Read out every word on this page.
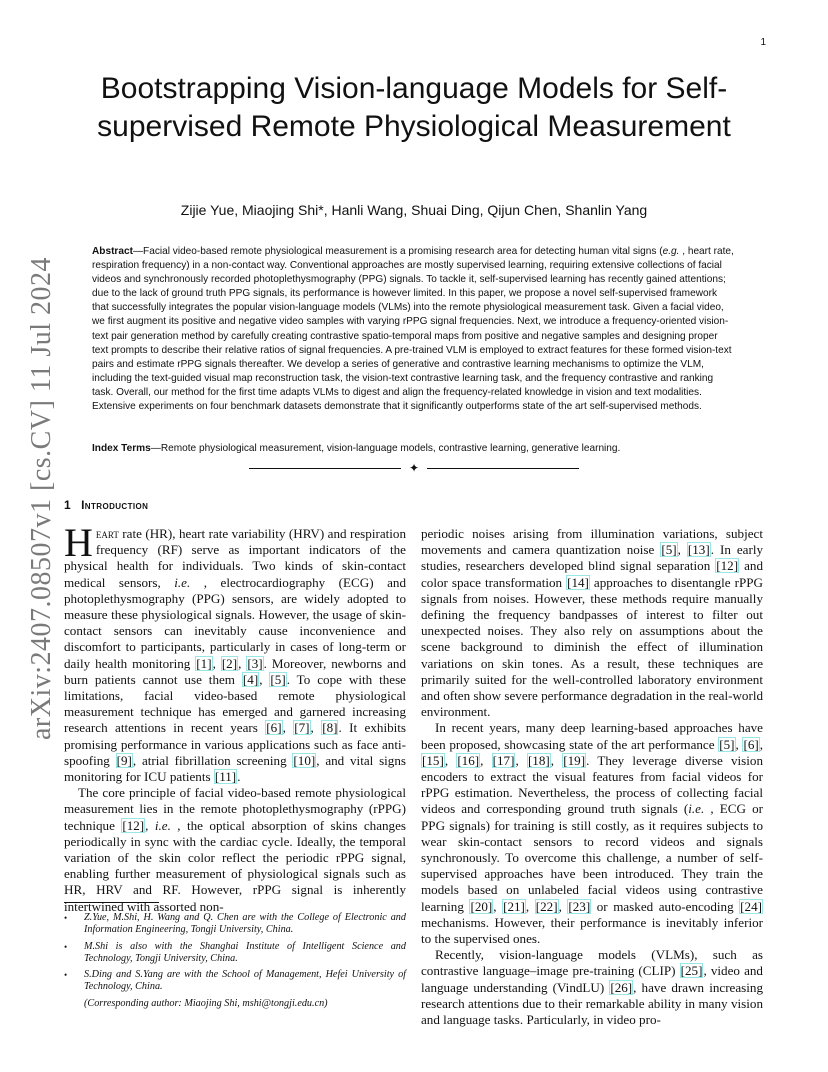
1
arXiv:2407.08507v1 [cs.CV] 11 Jul 2024
Bootstrapping Vision-language Models for Self-supervised Remote Physiological Measurement
Zijie Yue, Miaojing Shi*, Hanli Wang, Shuai Ding, Qijun Chen, Shanlin Yang
Abstract—Facial video-based remote physiological measurement is a promising research area for detecting human vital signs (e.g. , heart rate, respiration frequency) in a non-contact way. Conventional approaches are mostly supervised learning, requiring extensive collections of facial videos and synchronously recorded photoplethysmography (PPG) signals. To tackle it, self-supervised learning has recently gained attentions; due to the lack of ground truth PPG signals, its performance is however limited. In this paper, we propose a novel self-supervised framework that successfully integrates the popular vision-language models (VLMs) into the remote physiological measurement task. Given a facial video, we first augment its positive and negative video samples with varying rPPG signal frequencies. Next, we introduce a frequency-oriented vision-text pair generation method by carefully creating contrastive spatio-temporal maps from positive and negative samples and designing proper text prompts to describe their relative ratios of signal frequencies. A pre-trained VLM is employed to extract features for these formed vision-text pairs and estimate rPPG signals thereafter. We develop a series of generative and contrastive learning mechanisms to optimize the VLM, including the text-guided visual map reconstruction task, the vision-text contrastive learning task, and the frequency contrastive and ranking task. Overall, our method for the first time adapts VLMs to digest and align the frequency-related knowledge in vision and text modalities. Extensive experiments on four benchmark datasets demonstrate that it significantly outperforms state of the art self-supervised methods.
Index Terms—Remote physiological measurement, vision-language models, contrastive learning, generative learning.
✦
1 Introduction

Heart rate (HR), heart rate variability (HRV) and respiration frequency (RF) serve as important indicators of the physical health for individuals. Two kinds of skin-contact medical sensors, i.e. , electrocardiography (ECG) and photoplethysmography (PPG) sensors, are widely adopted to measure these physiological signals. However, the usage of skin-contact sensors can inevitably cause inconvenience and discomfort to participants, particularly in cases of long-term or daily health monitoring [1], [2], [3]. Moreover, newborns and burn patients cannot use them [4], [5]. To cope with these limitations, facial video-based remote physiological measurement technique has emerged and garnered increasing research attentions in recent years [6], [7], [8]. It exhibits promising performance in various applications such as face anti-spoofing [9], atrial fibrillation screening [10], and vital signs monitoring for ICU patients [11].

The core principle of facial video-based remote physiological measurement lies in the remote photoplethysmography (rPPG) technique [12], i.e. , the optical absorption of skins changes periodically in sync with the cardiac cycle. Ideally, the temporal variation of the skin color reflect the periodic rPPG signal, enabling further measurement of physiological signals such as HR, HRV and RF. However, rPPG signal is inherently intertwined with assorted non-

• Z.Yue, M.Shi, H. Wang and Q. Chen are with the College of Electronic and Information Engineering, Tongji University, China.
• M.Shi is also with the Shanghai Institute of Intelligent Science and Technology, Tongji University, China.
• S.Ding and S.Yang are with the School of Management, Hefei University of Technology, China.
(Corresponding author: Miaojing Shi, mshi@tongji.edu.cn)

periodic noises arising from illumination variations, subject movements and camera quantization noise [5], [13]. In early studies, researchers developed blind signal separation [12] and color space transformation [14] approaches to disentangle rPPG signals from noises. However, these methods require manually defining the frequency bandpasses of interest to filter out unexpected noises. They also rely on assumptions about the scene background to diminish the effect of illumination variations on skin tones. As a result, these techniques are primarily suited for the well-controlled laboratory environment and often show severe performance degradation in the real-world environment.

In recent years, many deep learning-based approaches have been proposed, showcasing state of the art performance [5], [6], [15], [16], [17], [18], [19]. They leverage diverse vision encoders to extract the visual features from facial videos for rPPG estimation. Nevertheless, the process of collecting facial videos and corresponding ground truth signals (i.e. , ECG or PPG signals) for training is still costly, as it requires subjects to wear skin-contact sensors to record videos and signals synchronously. To overcome this challenge, a number of self-supervised approaches have been introduced. They train the models based on unlabeled facial videos using contrastive learning [20], [21], [22], [23] or masked auto-encoding [24] mechanisms. However, their performance is inevitably inferior to the supervised ones.

Recently, vision-language models (VLMs), such as contrastive language–image pre-training (CLIP) [25], video and language understanding (VindLU) [26], have drawn increasing research attentions due to their remarkable ability in many vision and language tasks. Particularly, in video pro-
